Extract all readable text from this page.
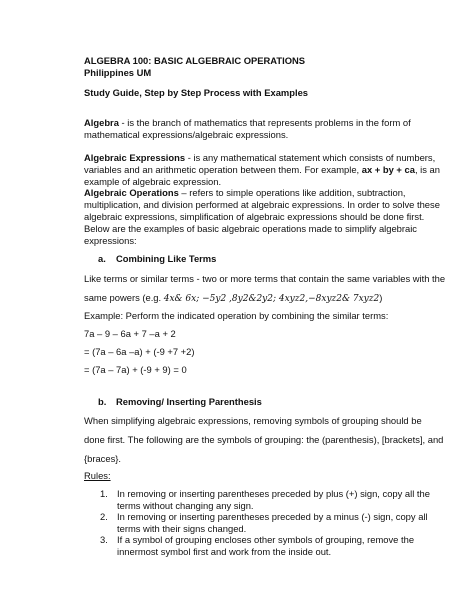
ALGEBRA 100: BASIC ALGEBRAIC OPERATIONS
Philippines UM
Study Guide, Step by Step Process with Examples
Algebra - is the branch of mathematics that represents problems in the form of
mathematical expressions/algebraic expressions.
Algebraic Expressions - is any mathematical statement which consists of numbers,
variables and an arithmetic operation between them. For example, ax + by + ca, is an
example of algebraic expression.
Algebraic Operations – refers to simple operations like addition, subtraction,
multiplication, and division performed at algebraic expressions. In order to solve these
algebraic expressions, simplification of algebraic expressions should be done first.
Below are the examples of basic algebraic operations made to simplify algebraic
expressions:
a. Combining Like Terms
Like terms or similar terms - two or more terms that contain the same variables with the
same powers (e.g. 4x& 6x; −5y2 ,8y2&2y2; 4xyz2,−8xyz2& 7xyz2)
Example: Perform the indicated operation by combining the similar terms:
7a – 9 – 6a + 7 –a + 2
= (7a – 6a –a) + (-9 +7 +2)
= (7a – 7a) + (-9 + 9) = 0
b. Removing/ Inserting Parenthesis
When simplifying algebraic expressions, removing symbols of grouping should be
done first. The following are the symbols of grouping: the (parenthesis), [brackets], and
{braces}.
Rules:
1. In removing or inserting parentheses preceded by plus (+) sign, copy all the
terms without changing any sign.
2. In removing or inserting parentheses preceded by a minus (-) sign, copy all
terms with their signs changed.
3. If a symbol of grouping encloses other symbols of grouping, remove the
innermost symbol first and work from the inside out.
